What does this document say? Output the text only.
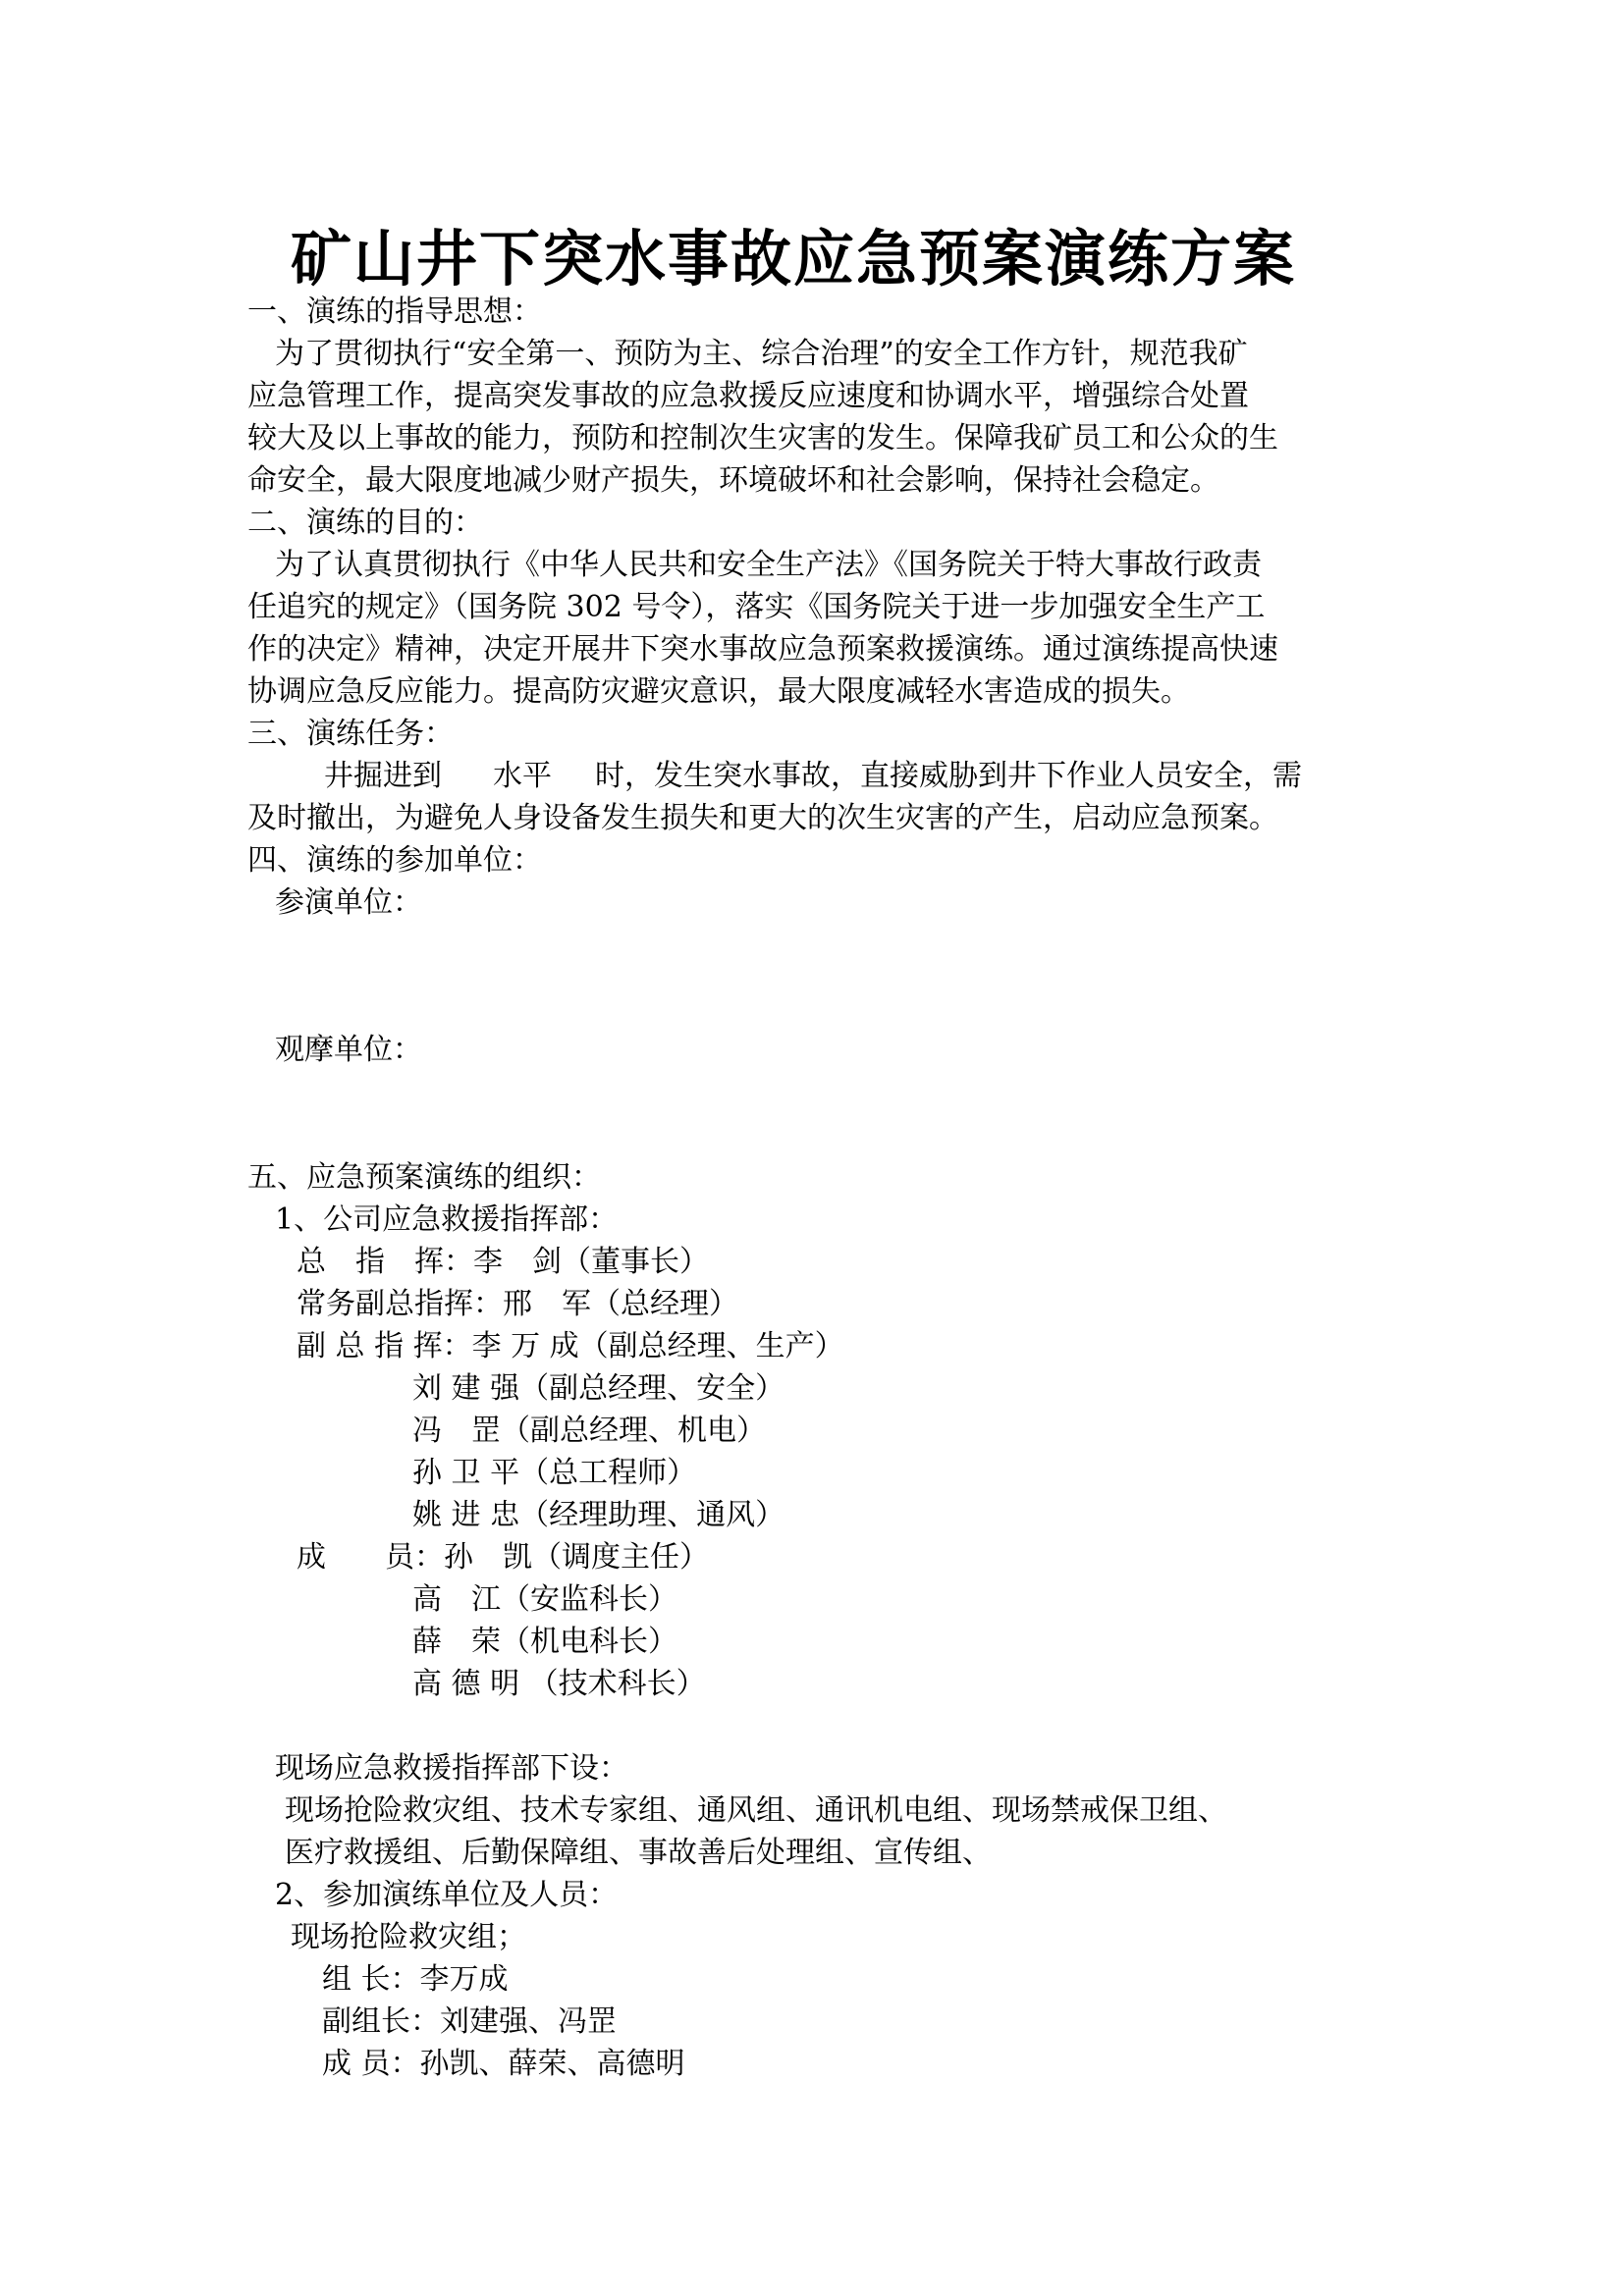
矿山井下突水事故应急预案演练方案
一、演练的指导思想：
为了贯彻执行“安全第一、预防为主、综合治理”的安全工作方针，规范我矿
应急管理工作，提高突发事故的应急救援反应速度和协调水平，增强综合处置
较大及以上事故的能力，预防和控制次生灾害的发生。保障我矿员工和公众的生
命安全，最大限度地减少财产损失，环境破坏和社会影响，保持社会稳定。
二、演练的目的：
为了认真贯彻执行《中华人民共和安全生产法》《国务院关于特大事故行政责
任追究的规定》（国务院 302 号令），落实《国务院关于进一步加强安全生产工
作的决定》精神，决定开展井下突水事故应急预案救援演练。通过演练提高快速
协调应急反应能力。提高防灾避灾意识，最大限度减轻水害造成的损失。
三、演练任务：
井掘进到 水平 时，发生突水事故，直接威胁到井下作业人员安全，需
及时撤出，为避免人身设备发生损失和更大的次生灾害的产生，启动应急预案。
四、演练的参加单位：
参演单位：
观摩单位：
五、应急预案演练的组织：
1、公司应急救援指挥部：
总　指　挥：李　剑（董事长）
常务副总指挥：邢　军（总经理）
副 总 指 挥：李 万 成（副总经理、生产）
刘 建 强（副总经理、安全）
冯　罡（副总经理、机电）
孙 卫 平（总工程师）
姚 进 忠（经理助理、通风）
成　　员：孙　凯（调度主任）
高　江（安监科长）
薛　荣（机电科长）
高 德 明 （技术科长）
现场应急救援指挥部下设：
现场抢险救灾组、技术专家组、通风组、通讯机电组、现场禁戒保卫组、
医疗救援组、后勤保障组、事故善后处理组、宣传组、
2、参加演练单位及人员：
现场抢险救灾组；
组 长：李万成
副组长：刘建强、冯罡
成 员：孙凯、薛荣、高德明
